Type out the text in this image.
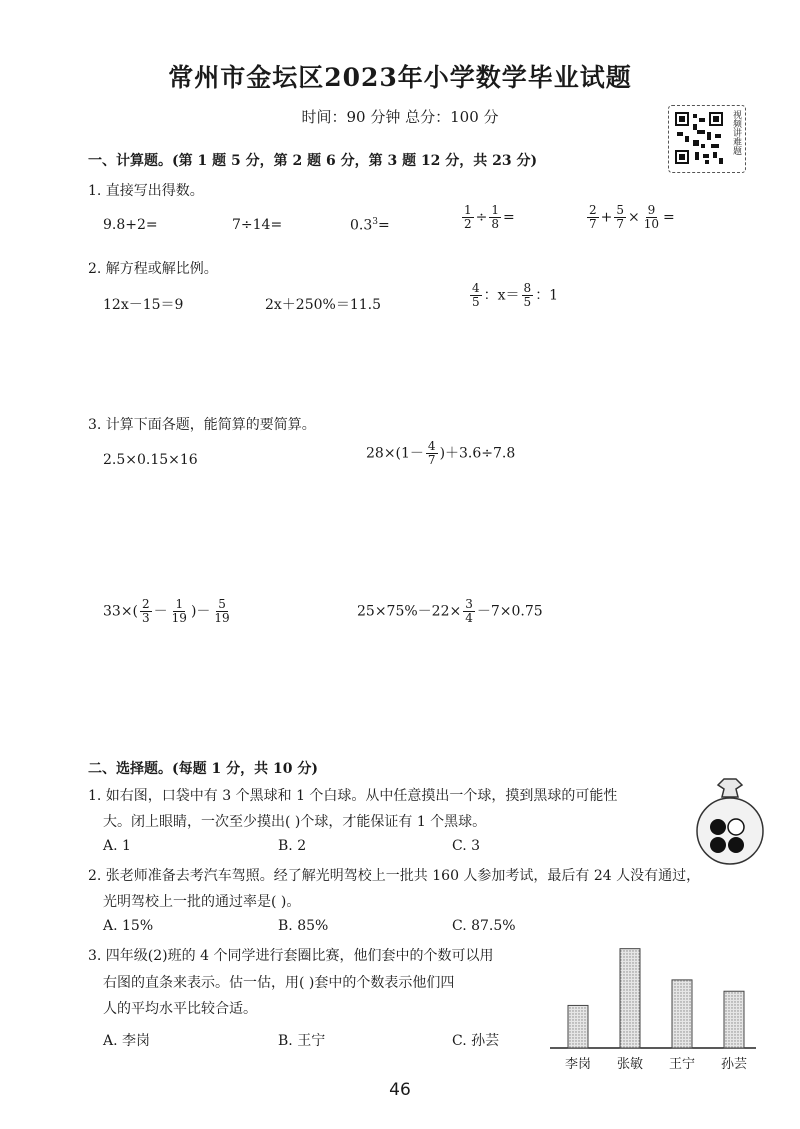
常州市金坛区2023年小学数学毕业试题
时间：90 分钟 总分：100 分	视频讲难题
一、计算题。(第 1 题 5 分，第 2 题 6 分，第 3 题 12 分，共 23 分)
1. 直接写出得数。
9.8+2=	7÷14=	$0.3^3=$	$\frac{1}{2} \div \frac{1}{8}$ =	$\frac{2}{7} + \frac{5}{7} \times \frac{9}{10}$ =
2. 解方程或解比例。
12x－15＝9	2x＋250%＝11.5	$\frac{4}{5}$ ：$x= \frac{8}{5}$ ：1
3. 计算下面各题，能简算的要简算。
2.5×0.15×16	$28\times(1- \frac{4}{7} )+3.6\div 7.8$
$33\times( \frac{2}{3} - \frac{1}{19}$ )－ $\frac{5}{19}$	$25\times 75\%-22\times \frac{3}{4} -7\times 0.75$
二、选择题。(每题 1 分，共 10 分)
1. 如右图，口袋中有 3 个黑球和 1 个白球。从中任意摸出一个球，摸到黑球的可能性
大。闭上眼睛，一次至少摸出( )个球，才能保证有 1 个黑球。
A. 1	B. 2	C. 3
2. 张老师准备去考汽车驾照。经了解光明驾校上一批共 160 人参加考试，最后有 24 人没有通过，
光明驾校上一批的通过率是( )。
A. 15%	B. 85%	C. 87.5%
3. 四年级(2)班的 4 个同学进行套圈比赛，他们套中的个数可以用
右图的直条来表示。估一估，用( )套中的个数表示他们四
人的平均水平比较合适。
A. 李岗	B. 王宁	C. 孙芸
李岗 张敏 王宁 孙芸
46
